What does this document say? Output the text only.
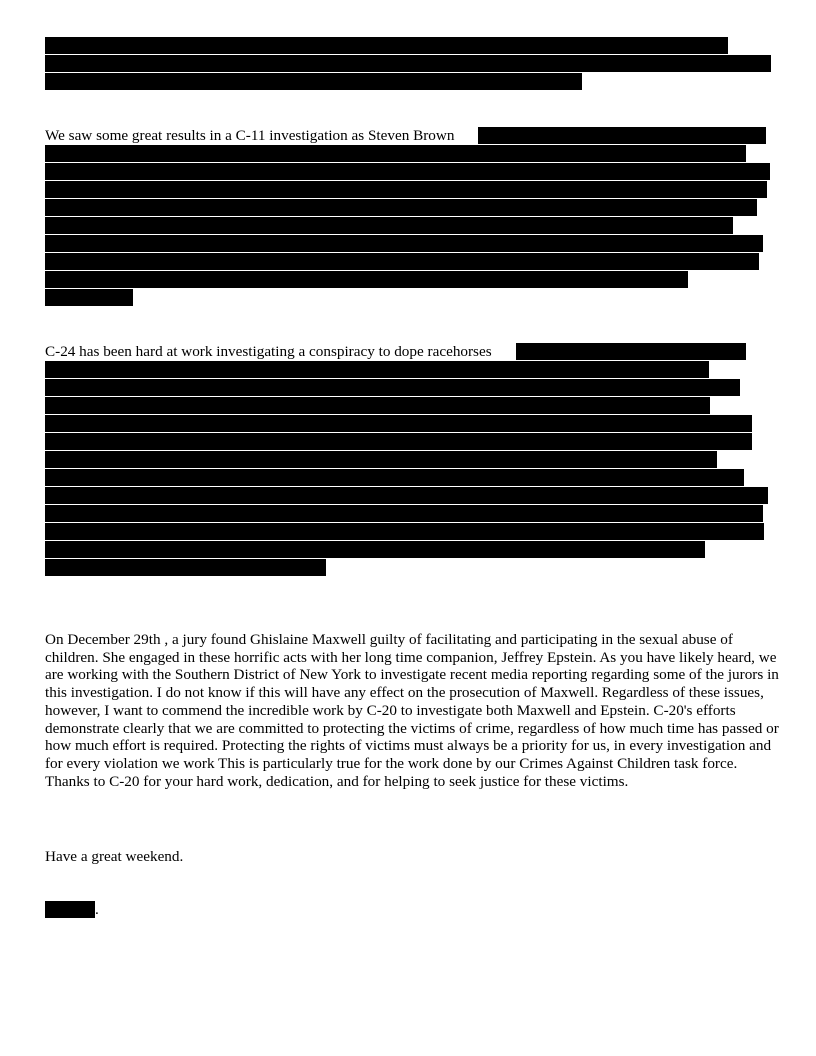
We saw some great results in a C-11 investigation as Steven Brown

C-24 has been hard at work investigating a conspiracy to dope racehorses

On December 29th , a jury found Ghislaine Maxwell guilty of facilitating and participating in the sexual abuse of children. She engaged in these horrific acts with her long time companion, Jeffrey Epstein. As you have likely heard, we are working with the Southern District of New York to investigate recent media reporting regarding some of the jurors in this investigation. I do not know if this will have any effect on the prosecution of Maxwell. Regardless of these issues, however, I want to commend the incredible work by C-20 to investigate both Maxwell and Epstein. C-20's efforts demonstrate clearly that we are committed to protecting the victims of crime, regardless of how much time has passed or how much effort is required. Protecting the rights of victims must always be a priority for us, in every investigation and for every violation we work This is particularly true for the work done by our Crimes Against Children task force. Thanks to C-20 for your hard work, dedication, and for helping to seek justice for these victims.

Have a great weekend.

.
